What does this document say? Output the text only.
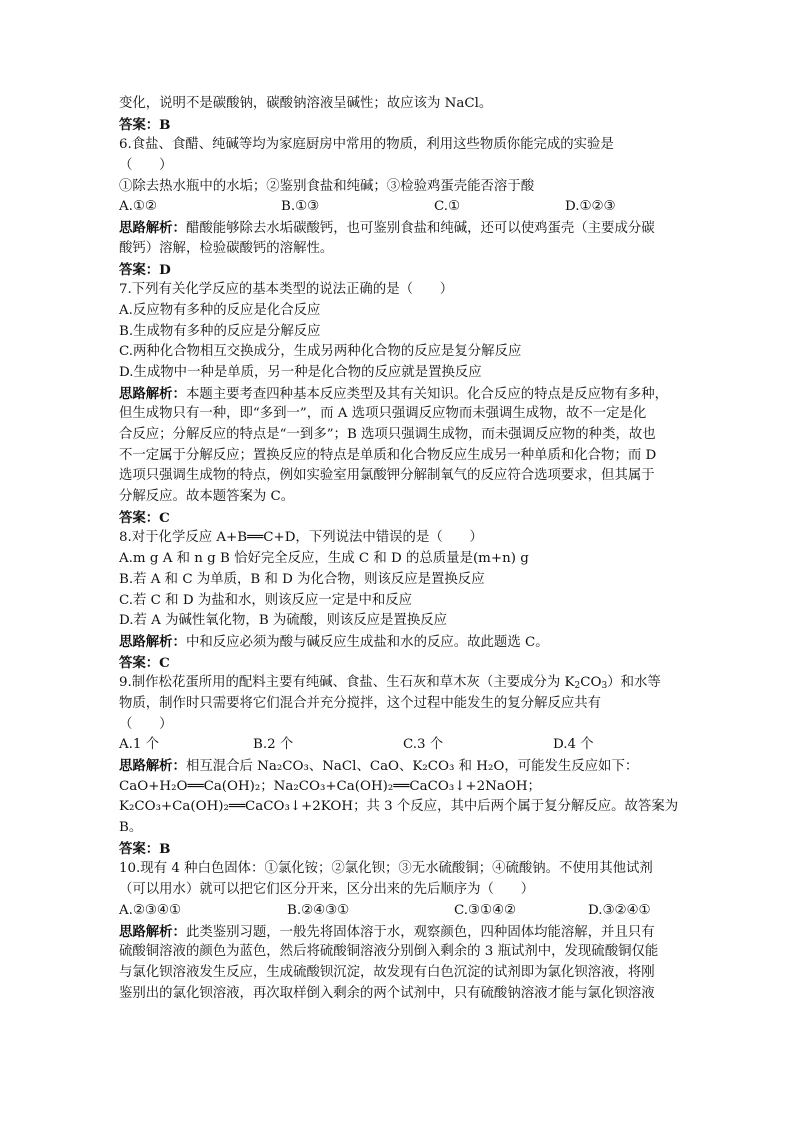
变化，说明不是碳酸钠，碳酸钠溶液呈碱性；故应该为 NaCl。
答案：B
6.食盐、食醋、纯碱等均为家庭厨房中常用的物质，利用这些物质你能完成的实验是
（　　）
①除去热水瓶中的水垢；②鉴别食盐和纯碱；③检验鸡蛋壳能否溶于酸
A.①②	B.①③	C.①	D.①②③
思路解析：醋酸能够除去水垢碳酸钙，也可鉴别食盐和纯碱，还可以使鸡蛋壳（主要成分碳
酸钙）溶解，检验碳酸钙的溶解性。
答案：D
7.下列有关化学反应的基本类型的说法正确的是（　　）
A.反应物有多种的反应是化合反应
B.生成物有多种的反应是分解反应
C.两种化合物相互交换成分，生成另两种化合物的反应是复分解反应
D.生成物中一种是单质，另一种是化合物的反应就是置换反应
思路解析：本题主要考查四种基本反应类型及其有关知识。化合反应的特点是反应物有多种，
但生成物只有一种，即“多到一”，而 A 选项只强调反应物而未强调生成物，故不一定是化
合反应；分解反应的特点是“一到多”；B 选项只强调生成物，而未强调反应物的种类，故也
不一定属于分解反应；置换反应的特点是单质和化合物反应生成另一种单质和化合物；而 D
选项只强调生成物的特点，例如实验室用氯酸钾分解制氧气的反应符合选项要求，但其属于
分解反应。故本题答案为 C。
答案：C
8.对于化学反应 A+B══C+D，下列说法中错误的是（　　）
A.m g A 和 n g B 恰好完全反应，生成 C 和 D 的总质量是(m+n) g
B.若 A 和 C 为单质，B 和 D 为化合物，则该反应是置换反应
C.若 C 和 D 为盐和水，则该反应一定是中和反应
D.若 A 为碱性氧化物，B 为硫酸，则该反应是置换反应
思路解析：中和反应必须为酸与碱反应生成盐和水的反应。故此题选 C。
答案：C
9.制作松花蛋所用的配料主要有纯碱、食盐、生石灰和草木灰（主要成分为 $K_2CO_3$）和水等
物质，制作时只需要将它们混合并充分搅拌，这个过程中能发生的复分解反应共有
（　　）
A.1 个	B.2 个	C.3 个	D.4 个
思路解析：相互混合后 Na₂CO₃、NaCl、CaO、K₂CO₃ 和 H₂O，可能发生反应如下：
CaO+H₂O══Ca(OH)₂；Na₂CO₃+Ca(OH)₂══CaCO₃↓+2NaOH；
K₂CO₃+Ca(OH)₂══CaCO₃↓+2KOH；共 3 个反应，其中后两个属于复分解反应。故答案为
B。
答案：B
10.现有 4 种白色固体：①氯化铵；②氯化钡；③无水硫酸铜；④硫酸钠。不使用其他试剂
（可以用水）就可以把它们区分开来，区分出来的先后顺序为（　　）
A.②③④①	B.②④③①	C.③①④②	D.③②④①
思路解析：此类鉴别习题，一般先将固体溶于水，观察颜色，四种固体均能溶解，并且只有
硫酸铜溶液的颜色为蓝色，然后将硫酸铜溶液分别倒入剩余的 3 瓶试剂中，发现硫酸铜仅能
与氯化钡溶液发生反应，生成硫酸钡沉淀，故发现有白色沉淀的试剂即为氯化钡溶液，将刚
鉴别出的氯化钡溶液，再次取样倒入剩余的两个试剂中，只有硫酸钠溶液才能与氯化钡溶液
